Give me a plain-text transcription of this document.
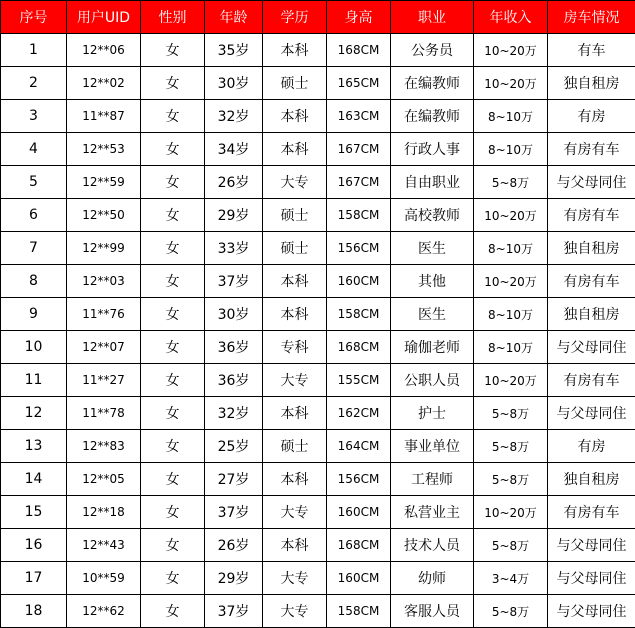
序号	用户UID	性别	年龄	学历	身高	职业	年收入	房车情况
1	12**06	女	35岁	本科	168CM	公务员	10~20万	有车
2	12**02	女	30岁	硕士	165CM	在编教师	10~20万	独自租房
3	11**87	女	32岁	本科	163CM	在编教师	8~10万	有房
4	12**53	女	34岁	本科	167CM	行政人事	8~10万	有房有车
5	12**59	女	26岁	大专	167CM	自由职业	5~8万	与父母同住
6	12**50	女	29岁	硕士	158CM	高校教师	10~20万	有房有车
7	12**99	女	33岁	硕士	156CM	医生	8~10万	独自租房
8	12**03	女	37岁	本科	160CM	其他	10~20万	有房有车
9	11**76	女	30岁	本科	158CM	医生	8~10万	独自租房
10	12**07	女	36岁	专科	168CM	瑜伽老师	8~10万	与父母同住
11	11**27	女	36岁	大专	155CM	公职人员	10~20万	有房有车
12	11**78	女	32岁	本科	162CM	护士	5~8万	与父母同住
13	12**83	女	25岁	硕士	164CM	事业单位	5~8万	有房
14	12**05	女	27岁	本科	156CM	工程师	5~8万	独自租房
15	12**18	女	37岁	大专	160CM	私营业主	10~20万	有房有车
16	12**43	女	26岁	本科	168CM	技术人员	5~8万	与父母同住
17	10**59	女	29岁	大专	160CM	幼师	3~4万	与父母同住
18	12**62	女	37岁	大专	158CM	客服人员	5~8万	与父母同住
